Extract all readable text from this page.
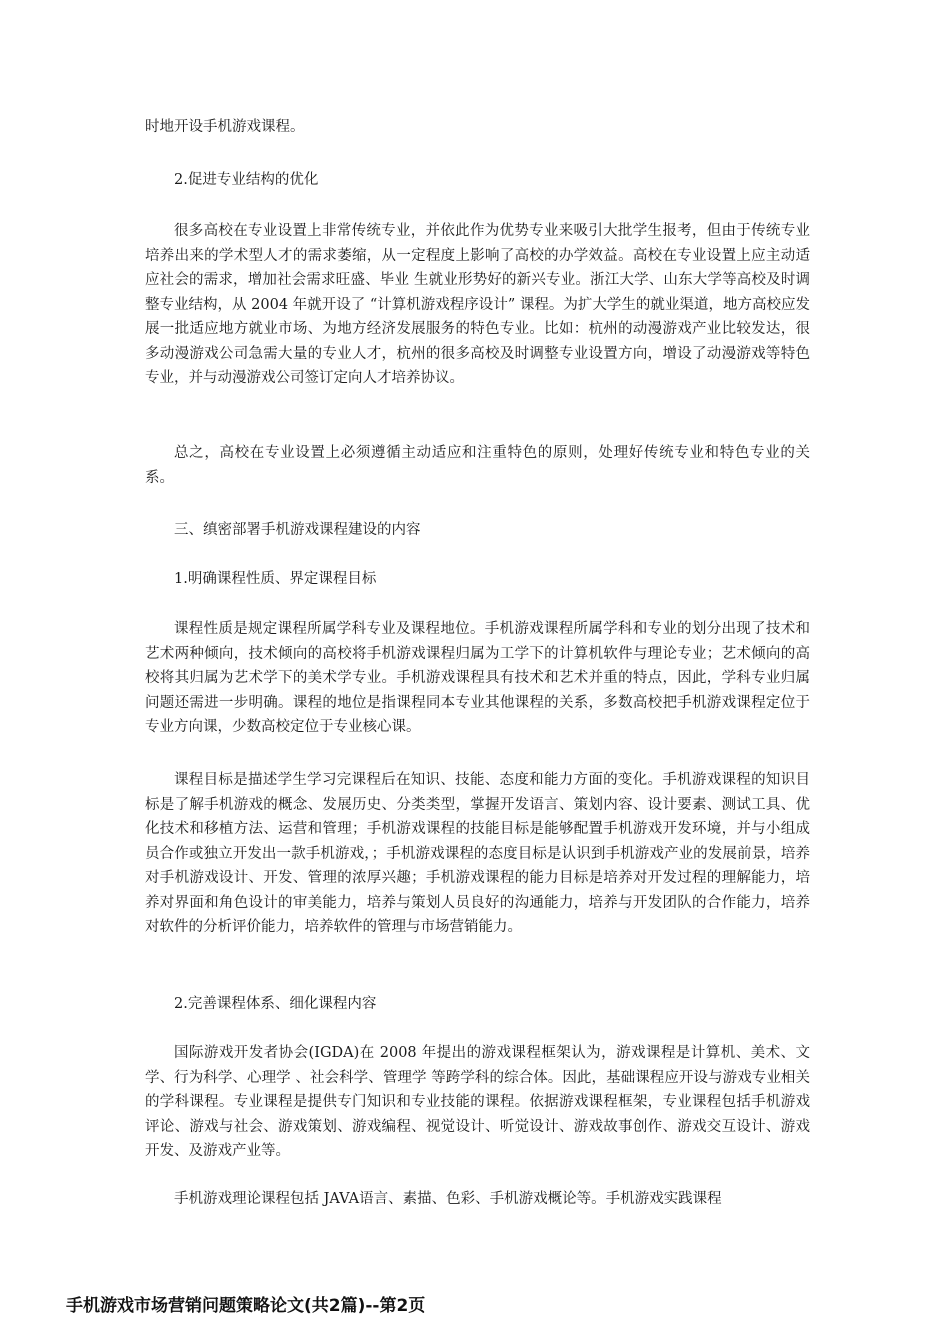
时地开设手机游戏课程。

2.促进专业结构的优化

很多高校在专业设置上非常传统专业，并依此作为优势专业来吸引大批学生报考，但由于传统专业培养出来的学术型人才的需求萎缩，从一定程度上影响了高校的办学效益。高校在专业设置上应主动适应社会的需求，增加社会需求旺盛、毕业 生就业形势好的新兴专业。浙江大学、山东大学等高校及时调整专业结构，从 2004 年就开设了 “计算机游戏程序设计” 课程。为扩大学生的就业渠道，地方高校应发展一批适应地方就业市场、为地方经济发展服务的特色专业。比如：杭州的动漫游戏产业比较发达，很多动漫游戏公司急需大量的专业人才，杭州的很多高校及时调整专业设置方向，增设了动漫游戏等特色专业，并与动漫游戏公司签订定向人才培养协议。

总之，高校在专业设置上必须遵循主动适应和注重特色的原则，处理好传统专业和特色专业的关系。

三、缜密部署手机游戏课程建设的内容

1.明确课程性质、界定课程目标

课程性质是规定课程所属学科专业及课程地位。手机游戏课程所属学科和专业的划分出现了技术和艺术两种倾向，技术倾向的高校将手机游戏课程归属为工学下的计算机软件与理论专业；艺术倾向的高校将其归属为艺术学下的美术学专业。手机游戏课程具有技术和艺术并重的特点，因此，学科专业归属问题还需进一步明确。课程的地位是指课程同本专业其他课程的关系，多数高校把手机游戏课程定位于专业方向课，少数高校定位于专业核心课。

课程目标是描述学生学习完课程后在知识、技能、态度和能力方面的变化。手机游戏课程的知识目标是了解手机游戏的概念、发展历史、分类类型，掌握开发语言、策划内容、设计要素、测试工具、优化技术和移植方法、运营和管理；手机游戏课程的技能目标是能够配置手机游戏开发环境，并与小组成员合作或独立开发出一款手机游戏，；手机游戏课程的态度目标是认识到手机游戏产业的发展前景，培养对手机游戏设计、开发、管理的浓厚兴趣；手机游戏课程的能力目标是培养对开发过程的理解能力，培养对界面和角色设计的审美能力，培养与策划人员良好的沟通能力，培养与开发团队的合作能力，培养对软件的分析评价能力，培养软件的管理与市场营销能力。

2.完善课程体系、细化课程内容

国际游戏开发者协会(IGDA)在 2008 年提出的游戏课程框架认为，游戏课程是计算机、美术、文学、行为科学、心理学 、社会科学、管理学 等跨学科的综合体。因此，基础课程应开设与游戏专业相关的学科课程。专业课程是提供专门知识和专业技能的课程。依据游戏课程框架，专业课程包括手机游戏评论、游戏与社会、游戏策划、游戏编程、视觉设计、听觉设计、游戏故事创作、游戏交互设计、游戏开发、及游戏产业等。

手机游戏理论课程包括 JAVA语言、素描、色彩、手机游戏概论等。手机游戏实践课程

手机游戏市场营销问题策略论文(共2篇)--第2页
